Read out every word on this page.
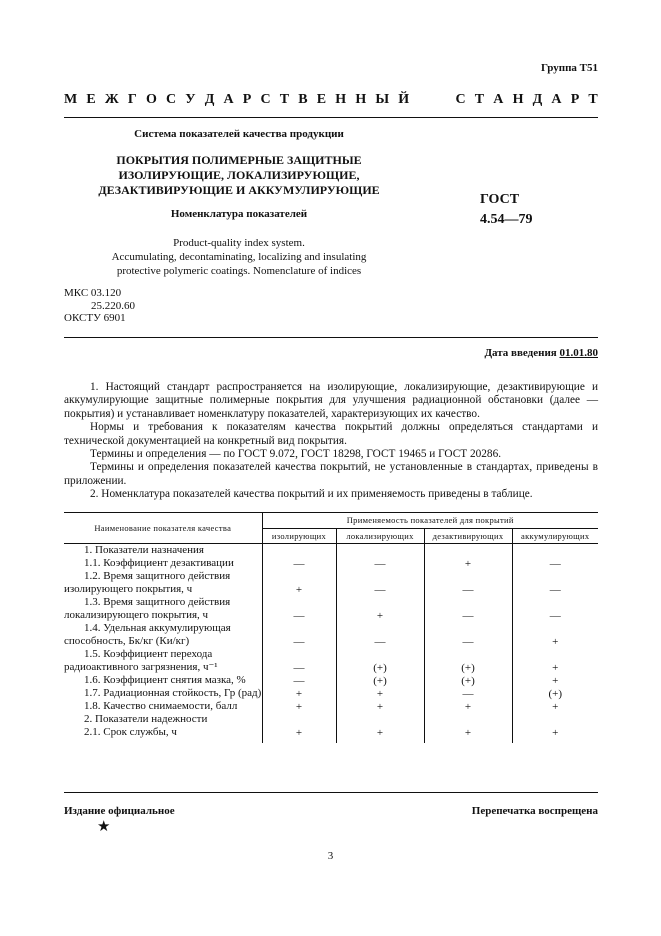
Группа Т51
М Е Ж Г О С У Д А Р С Т В Е Н Н Ы Й	С Т А Н Д А Р Т
Система показателей качества продукции
ПОКРЫТИЯ ПОЛИМЕРНЫЕ ЗАЩИТНЫЕ
ИЗОЛИРУЮЩИЕ, ЛОКАЛИЗИРУЮЩИЕ,
ДЕЗАКТИВИРУЮЩИЕ И АККУМУЛИРУЮЩИЕ
Номенклатура показателей
ГОСТ
4.54—79
Product-quality index system.
Accumulating, decontaminating, localizing and insulating
protective polymeric coatings. Nomenclature of indices
МКС 03.120
25.220.60
ОКСТУ 6901
Дата введения 01.01.80

1. Настоящий стандарт распространяется на изолирующие, локализирующие, дезактивирующие и аккумулирующие защитные полимерные покрытия для улучшения радиационной обстановки (далее — покрытия) и устанавливает номенклатуру показателей, характеризующих их качество.

Нормы и требования к показателям качества покрытий должны определяться стандартами и технической документацией на конкретный вид покрытия.

Термины и определения — по ГОСТ 9.072, ГОСТ 18298, ГОСТ 19465 и ГОСТ 20286.

Термины и определения показателей качества покрытий, не установленные в стандартах, приведены в приложении.

2. Номенклатура показателей качества покрытий и их применяемость приведены в таблице.

Наименование показателя качества	Применяемость показателей для покрытий			
	изолирующих	локализирующих	дезактивирующих	аккумулирующих

1. Показатели назначения				

1.1. Коэффициент дезактивации	—	—	+	—

1.2. Время защитного действия изолирующего покрытия, ч	+	—	—	—

1.3. Время защитного действия локализирующего покрытия, ч	—	+	—	—

1.4. Удельная аккумулирующая способность, Бк/кг (Ки/кг)	—	—	—	+

1.5. Коэффициент перехода радиоактивного загрязнения, ч⁻¹	—	(+)	(+)	+

1.6. Коэффициент снятия мазка, %	—	(+)	(+)	+

1.7. Радиационная стойкость, Гр (рад)	+	+	—	(+)

1.8. Качество снимаемости, балл	+	+	+	+

2. Показатели надежности				

2.1. Срок службы, ч	+	+	+	+
Издание официальное	Перепечатка воспрещена
★
3
